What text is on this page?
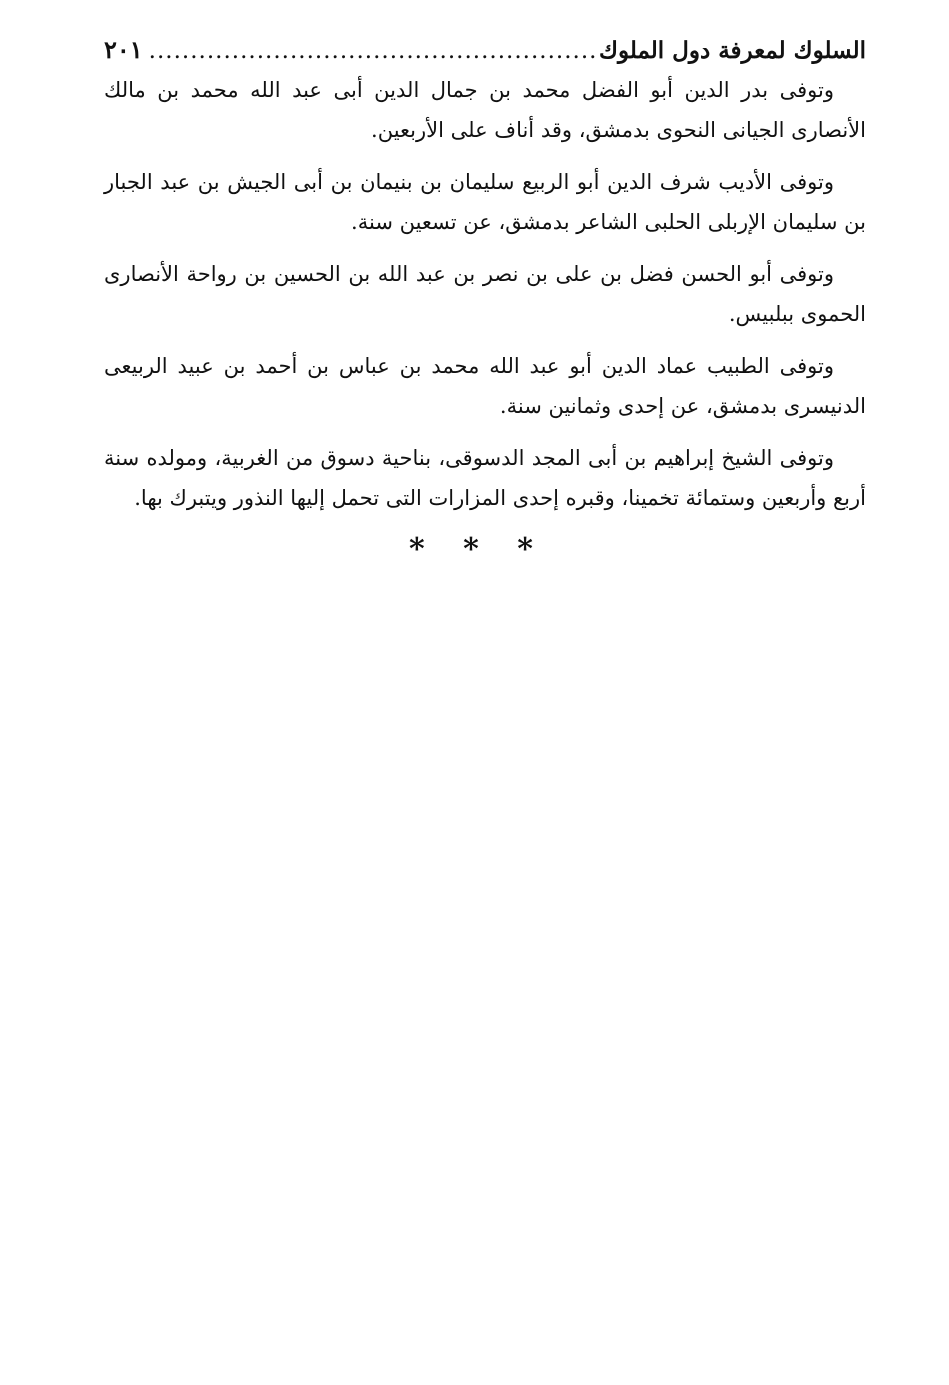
السلوك لمعرفة دول الملوك
......................................................
٢٠١

وتوفى بدر الدين أبو الفضل محمد بن جمال الدين أبى عبد الله محمد بن مالك الأنصارى الجيانى النحوى بدمشق، وقد أناف على الأربعين.

وتوفى الأديب شرف الدين أبو الربيع سليمان بن بنيمان بن أبى الجيش بن عبد الجبار بن سليمان الإربلى الحلبى الشاعر بدمشق، عن تسعين سنة.

وتوفى أبو الحسن فضل بن على بن نصر بن عبد الله بن الحسين بن رواحة الأنصارى الحموى ببلبيس.

وتوفى الطبيب عماد الدين أبو عبد الله محمد بن عباس بن أحمد بن عبيد الربيعى الدنيسرى بدمشق، عن إحدى وثمانين سنة.

وتوفى الشيخ إبراهيم بن أبى المجد الدسوقى، بناحية دسوق من الغربية، ومولده سنة أربع وأربعين وستمائة تخمينا، وقبره إحدى المزارات التى تحمل إليها النذور ويتبرك بها.

* * *
